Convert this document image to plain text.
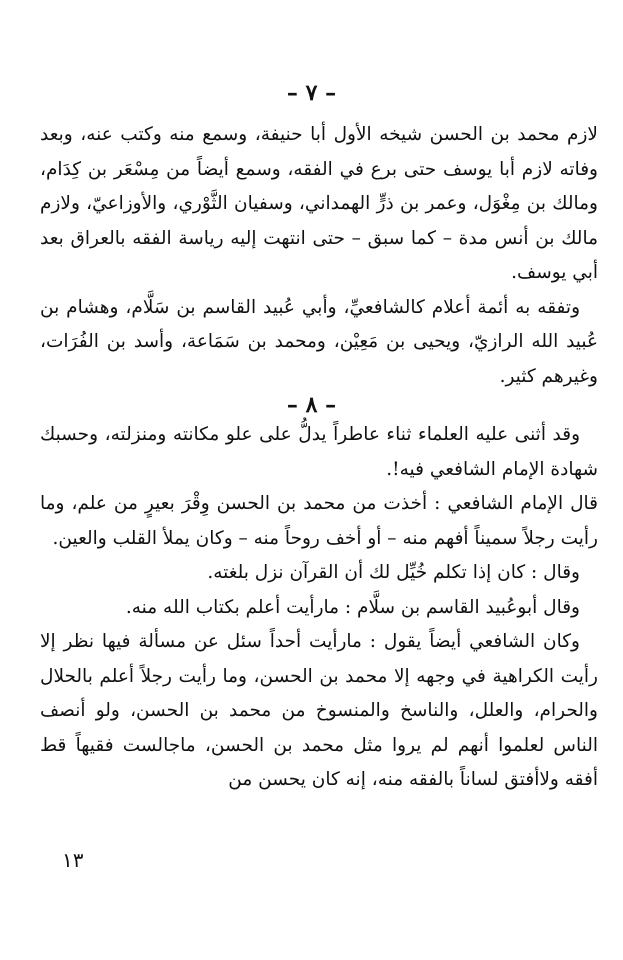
– ٧ –

لازم محمد بن الحسن شيخه الأول أبا حنيفة، وسمع منه وكتب عنه، وبعد وفاته لازم أبا يوسف حتى برع في الفقه، وسمع أيضاً من مِسْعَر بن كِدَام، ومالك بن مِغْوَل، وعمر بن ذرٍّ الهمداني، وسفيان الثَّوْري، والأوزاعيّ، ولازم مالك بن أنس مدة – كما سبق – حتى انتهت إليه رياسة الفقه بالعراق بعد أبي يوسف.

وتفقه به أئمة أعلام كالشافعيِّ، وأبي عُبيد القاسم بن سَلَّام، وهشام بن عُبيد الله الرازيّ، ويحيى بن مَعِيْن، ومحمد بن سَمَاعة، وأسد بن الفُرَات، وغيرهم كثير.

– ٨ –

وقد أثنى عليه العلماء ثناء عاطراً يدلُّ على علو مكانته ومنزلته، وحسبك شهادة الإمام الشافعي فيه!.

قال الإمام الشافعي : أخذت من محمد بن الحسن وِقْرَ بعيرٍ من علم، وما رأيت رجلاً سميناً أفهم منه – أو أخف روحاً منه – وكان يملأ القلب والعين.

وقال : كان إذا تكلم خُيِّل لك أن القرآن نزل بلغته.

وقال أبوعُبيد القاسم بن سلَّام : مارأيت أعلم بكتاب الله منه.

وكان الشافعي أيضاً يقول : مارأيت أحداً سئل عن مسألة فيها نظر إلا رأيت الكراهية في وجهه إلا محمد بن الحسن، وما رأيت رجلاً أعلم بالحلال والحرام، والعلل، والناسخ والمنسوخ من محمد بن الحسن، ولو أنصف الناس لعلموا أنهم لم يروا مثل محمد بن الحسن، ماجالست فقيهاً قط أفقه ولاأفتق لساناً بالفقه منه، إنه كان يحسن من

١٣
